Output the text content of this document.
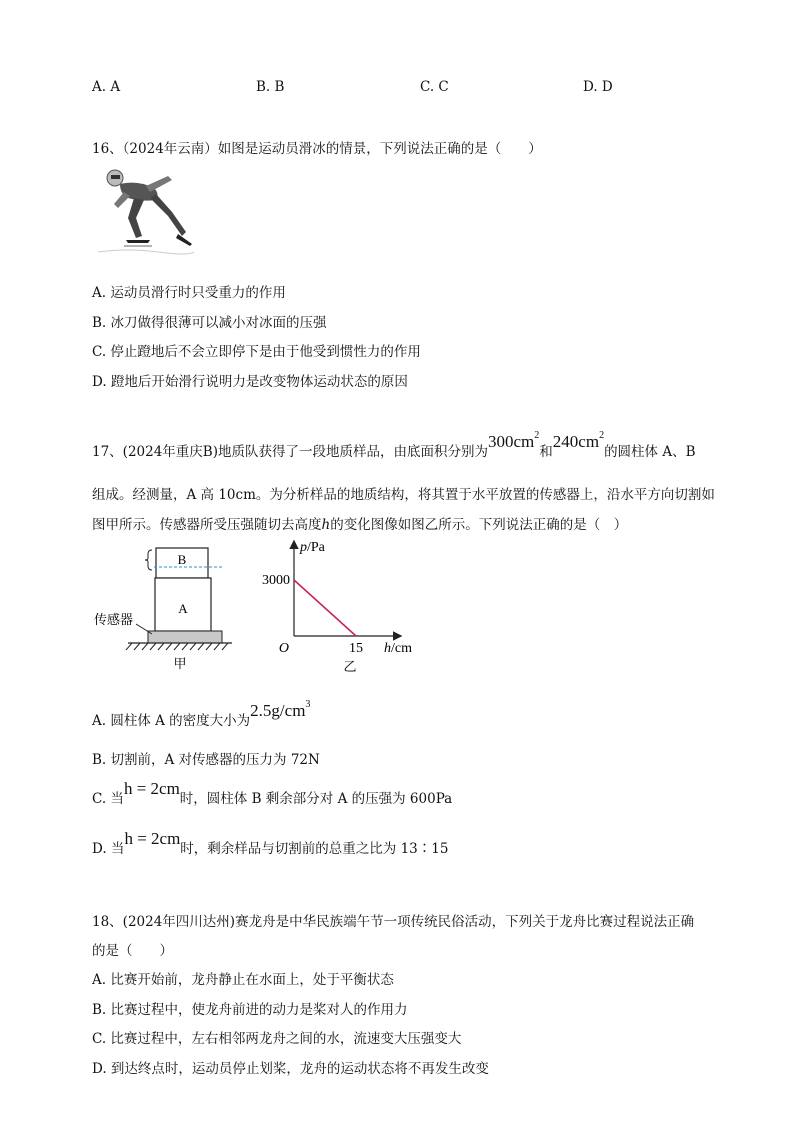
A. A	B. B	C. C	D. D
16、（2024年云南）如图是运动员滑冰的情景，下列说法正确的是（　　）
A. 运动员滑行时只受重力的作用
B. 冰刀做得很薄可以减小对冰面的压强
C. 停止蹬地后不会立即停下是由于他受到惯性力的作用
D. 蹬地后开始滑行说明力是改变物体运动状态的原因
17、(2024年重庆B)地质队获得了一段地质样品，由底面积分别为$300cm^2$和$240cm^2$的圆柱体 A、B
组成。经测量，A 高 10cm。为分析样品的地质结构，将其置于水平放置的传感器上，沿水平方向切割如
图甲所示。传感器所受压强随切去高度h的变化图像如图乙所示。下列说法正确的是（　）
B
A
传感器
甲
p/Pa
3000
O	15 h/cm
乙
A. 圆柱体 A 的密度大小为$2.5g/cm^3$
B. 切割前，A 对传感器的压力为 72N
C. 当h = 2cm时，圆柱体 B 剩余部分对 A 的压强为 600Pa
D. 当h = 2cm时，剩余样品与切割前的总重之比为 13∶15
18、(2024年四川达州)赛龙舟是中华民族端午节一项传统民俗活动，下列关于龙舟比赛过程说法正确
的是（　　）
A. 比赛开始前，龙舟静止在水面上，处于平衡状态
B. 比赛过程中，使龙舟前进的动力是桨对人的作用力
C. 比赛过程中，左右相邻两龙舟之间的水，流速变大压强变大
D. 到达终点时，运动员停止划桨，龙舟的运动状态将不再发生改变
